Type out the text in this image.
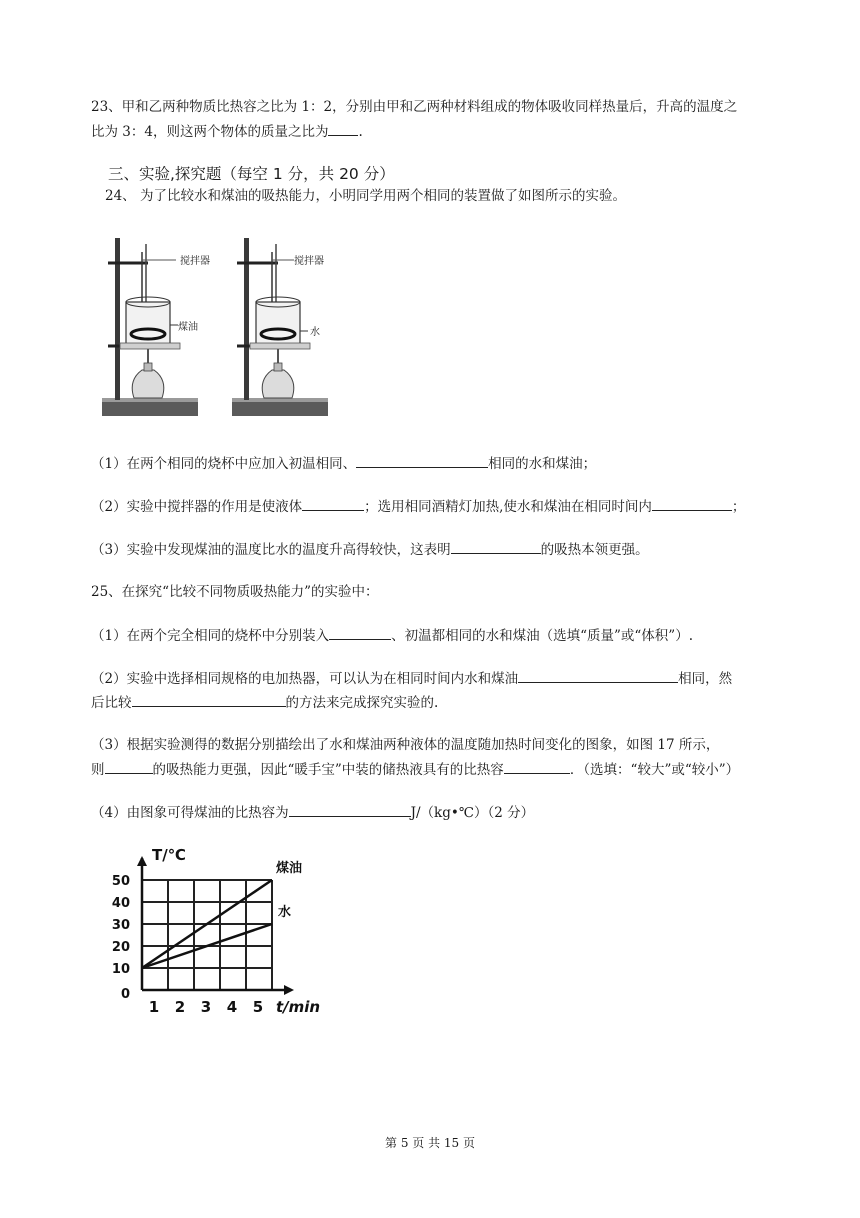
23、甲和乙两种物质比热容之比为 1：2，分别由甲和乙两种材料组成的物体吸收同样热量后，升高的温度之
比为 3：4，则这两个物体的质量之比为 .
三、实验,探究题（每空 1 分，共 20 分）
24、 为了比较水和煤油的吸热能力，小明同学用两个相同的装置做了如图所示的实验。
搅拌器
煤油
搅拌器
水
（1）在两个相同的烧杯中应加入初温相同、	相同的水和煤油；
（2）实验中搅拌器的作用是使液体	；选用相同酒精灯加热,使水和煤油在相同时间内	；
（3）实验中发现煤油的温度比水的温度升高得较快，这表明	的吸热本领更强。
25、在探究“比较不同物质吸热能力”的实验中：
（1）在两个完全相同的烧杯中分别装入	、初温都相同的水和煤油（选填“质量”或“体积”）.
（2）实验中选择相同规格的电加热器，可以认为在相同时间内水和煤油	相同，然
后比较	的方法来完成探究实验的.
（3）根据实验测得的数据分别描绘出了水和煤油两种液体的温度随加热时间变化的图象，如图 17 所示，
则	的吸热能力更强，因此“暖手宝”中装的储热液具有的比热容	．（选填：“较大”或“较小”）
（4）由图象可得煤油的比热容为	J/（kg•℃）（2 分）
0
10
20
30
40
50
1 2 3 4 5
煤油
水
T/℃
t/min
第 5 页 共 15 页
